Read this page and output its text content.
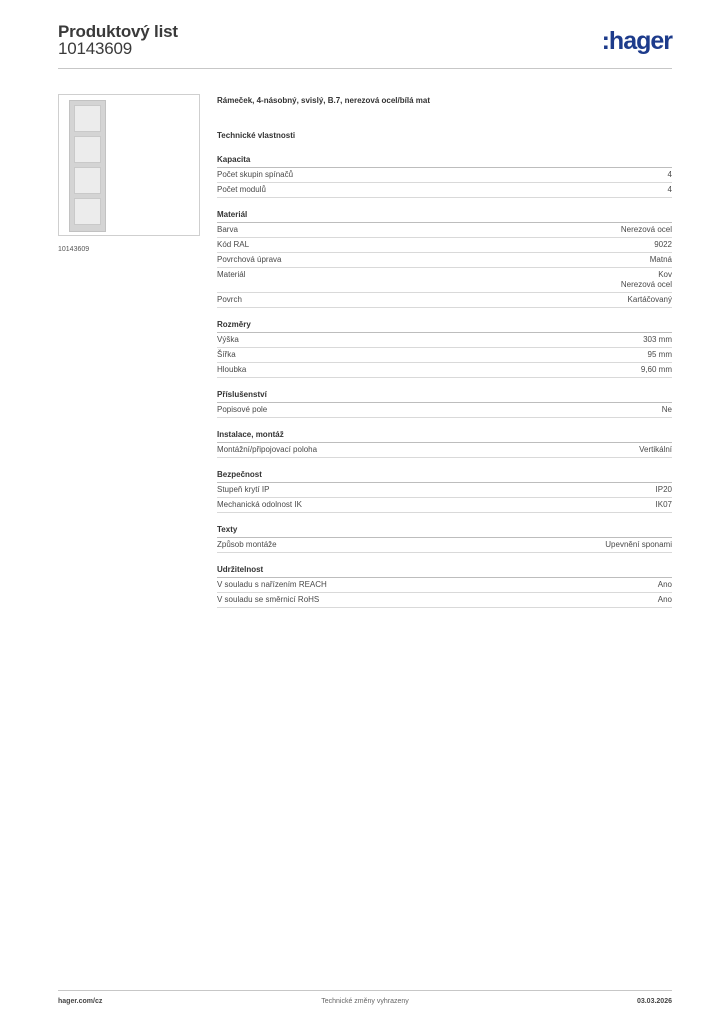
Produktový list
10143609	:hager
10143609
Rámeček, 4-násobný, svislý, B.7, nerezová ocel/bílá mat
Technické vlastnosti
Kapacita
Počet skupin spínačů	4
Počet modulů	4
Materiál
Barva	Nerezová ocel
Kód RAL	9022
Povrchová úprava	Matná
Materiál	Kov
Nerezová ocel
Povrch	Kartáčovaný
Rozměry
Výška	303 mm
Šířka	95 mm
Hloubka	9,60 mm
Příslušenství
Popisové pole	Ne
Instalace, montáž
Montážní/připojovací poloha	Vertikální
Bezpečnost
Stupeň krytí IP	IP20
Mechanická odolnost IK	IK07
Texty
Způsob montáže	Upevnění sponami
Udržitelnost
V souladu s nařízením REACH	Ano
V souladu se směrnicí RoHS	Ano
Technické změny vyhrazeny
hager.com/cz	03.03.2026
